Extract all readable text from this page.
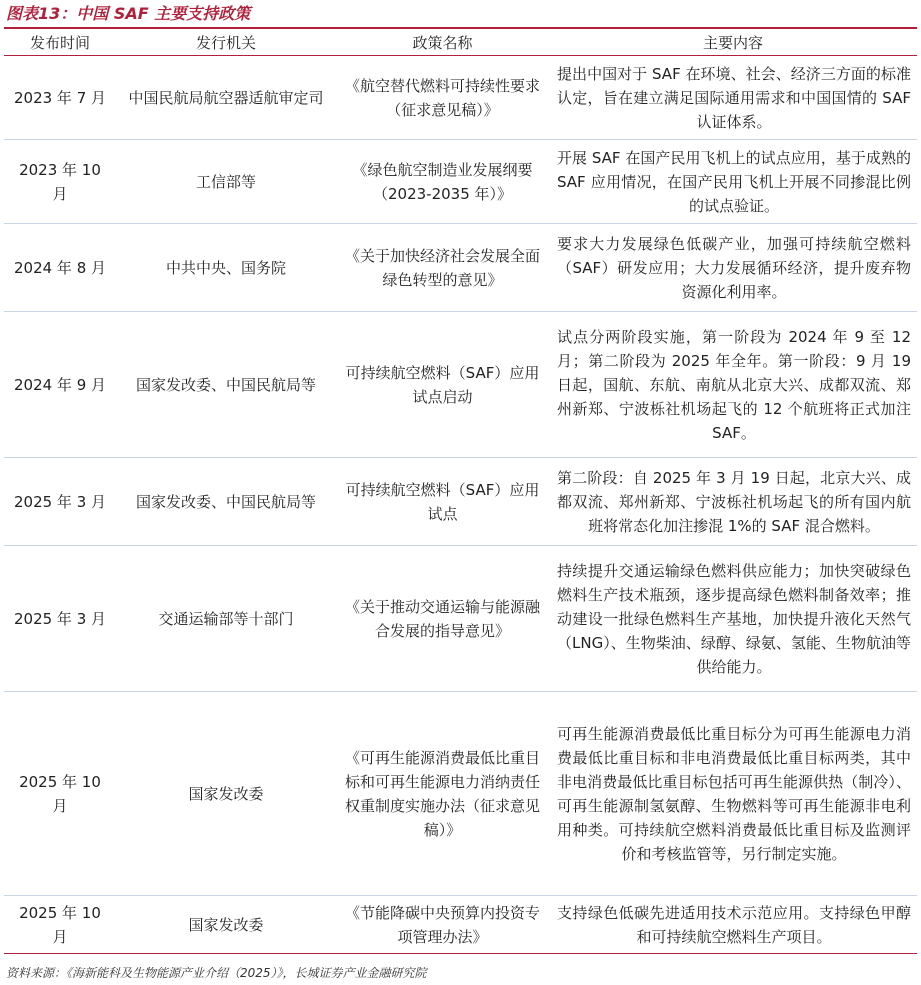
图表13：中国 SAF 主要支持政策
发布时间	发行机关	政策名称	主要内容
2023 年 7 月	中国民航局航空器适航审定司	《航空替代燃料可持续性要求（征求意见稿）》	提出中国对于 SAF 在环境、社会、经济三方面的标准认定，旨在建立满足国际通用需求和中国国情的 SAF 认证体系。
2023 年 10 月	工信部等	《绿色航空制造业发展纲要（2023-2035 年）》	开展 SAF 在国产民用飞机上的试点应用，基于成熟的 SAF 应用情况，在国产民用飞机上开展不同掺混比例的试点验证。
2024 年 8 月	中共中央、国务院	《关于加快经济社会发展全面绿色转型的意见》	要求大力发展绿色低碳产业，加强可持续航空燃料（SAF）研发应用；大力发展循环经济，提升废弃物资源化利用率。
2024 年 9 月	国家发改委、中国民航局等	可持续航空燃料（SAF）应用试点启动	试点分两阶段实施，第一阶段为 2024 年 9 至 12 月；第二阶段为 2025 年全年。第一阶段：9 月 19 日起，国航、东航、南航从北京大兴、成都双流、郑州新郑、宁波栎社机场起飞的 12 个航班将正式加注 SAF。
2025 年 3 月	国家发改委、中国民航局等	可持续航空燃料（SAF）应用试点	第二阶段：自 2025 年 3 月 19 日起，北京大兴、成都双流、郑州新郑、宁波栎社机场起飞的所有国内航班将常态化加注掺混 1%的 SAF 混合燃料。
2025 年 3 月	交通运输部等十部门	《关于推动交通运输与能源融合发展的指导意见》	持续提升交通运输绿色燃料供应能力；加快突破绿色燃料生产技术瓶颈，逐步提高绿色燃料制备效率；推动建设一批绿色燃料生产基地，加快提升液化天然气（LNG）、生物柴油、绿醇、绿氨、氢能、生物航油等供给能力。
2025 年 10 月	国家发改委	《可再生能源消费最低比重目标和可再生能源电力消纳责任权重制度实施办法（征求意见稿）》	可再生能源消费最低比重目标分为可再生能源电力消费最低比重目标和非电消费最低比重目标两类，其中非电消费最低比重目标包括可再生能源供热（制冷）、可再生能源制氢氨醇、生物燃料等可再生能源非电利用种类。可持续航空燃料消费最低比重目标及监测评价和考核监管等，另行制定实施。
2025 年 10 月	国家发改委	《节能降碳中央预算内投资专项管理办法》	支持绿色低碳先进适用技术示范应用。支持绿色甲醇和可持续航空燃料生产项目。
资料来源：《海新能科及生物能源产业介绍（2025）》，长城证券产业金融研究院
